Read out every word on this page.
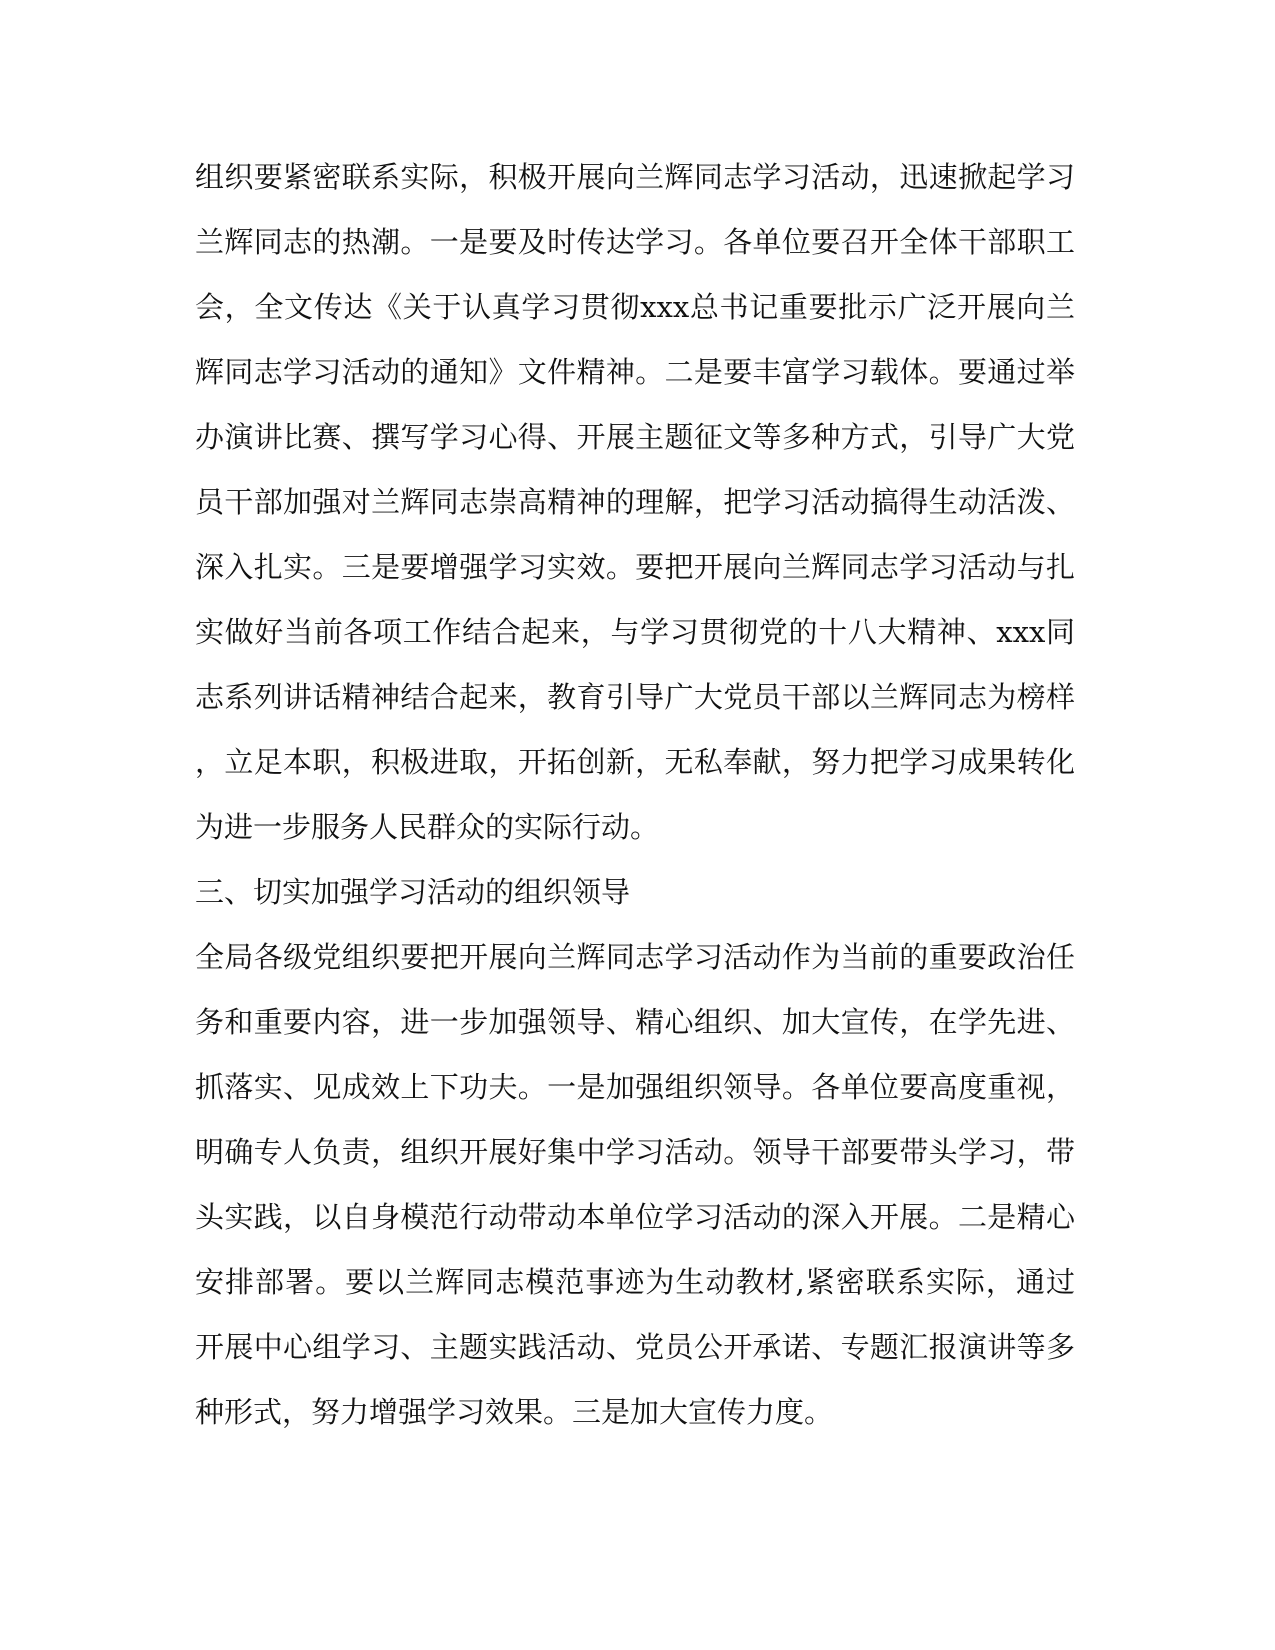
组织要紧密联系实际，积极开展向兰辉同志学习活动，迅速掀起学习
兰辉同志的热潮。一是要及时传达学习。各单位要召开全体干部职工
会，全文传达《关于认真学习贯彻xxx总书记重要批示广泛开展向兰
辉同志学习活动的通知》文件精神。二是要丰富学习载体。要通过举
办演讲比赛、撰写学习心得、开展主题征文等多种方式，引导广大党
员干部加强对兰辉同志崇高精神的理解，把学习活动搞得生动活泼、
深入扎实。三是要增强学习实效。要把开展向兰辉同志学习活动与扎
实做好当前各项工作结合起来，与学习贯彻党的十八大精神、xxx同
志系列讲话精神结合起来，教育引导广大党员干部以兰辉同志为榜样
，立足本职，积极进取，开拓创新，无私奉献，努力把学习成果转化
为进一步服务人民群众的实际行动。
三、切实加强学习活动的组织领导
全局各级党组织要把开展向兰辉同志学习活动作为当前的重要政治任
务和重要内容，进一步加强领导、精心组织、加大宣传，在学先进、
抓落实、见成效上下功夫。一是加强组织领导。各单位要高度重视，
明确专人负责，组织开展好集中学习活动。领导干部要带头学习，带
头实践，以自身模范行动带动本单位学习活动的深入开展。二是精心
安排部署。要以兰辉同志模范事迹为生动教材,紧密联系实际，通过
开展中心组学习、主题实践活动、党员公开承诺、专题汇报演讲等多
种形式，努力增强学习效果。三是加大宣传力度。
